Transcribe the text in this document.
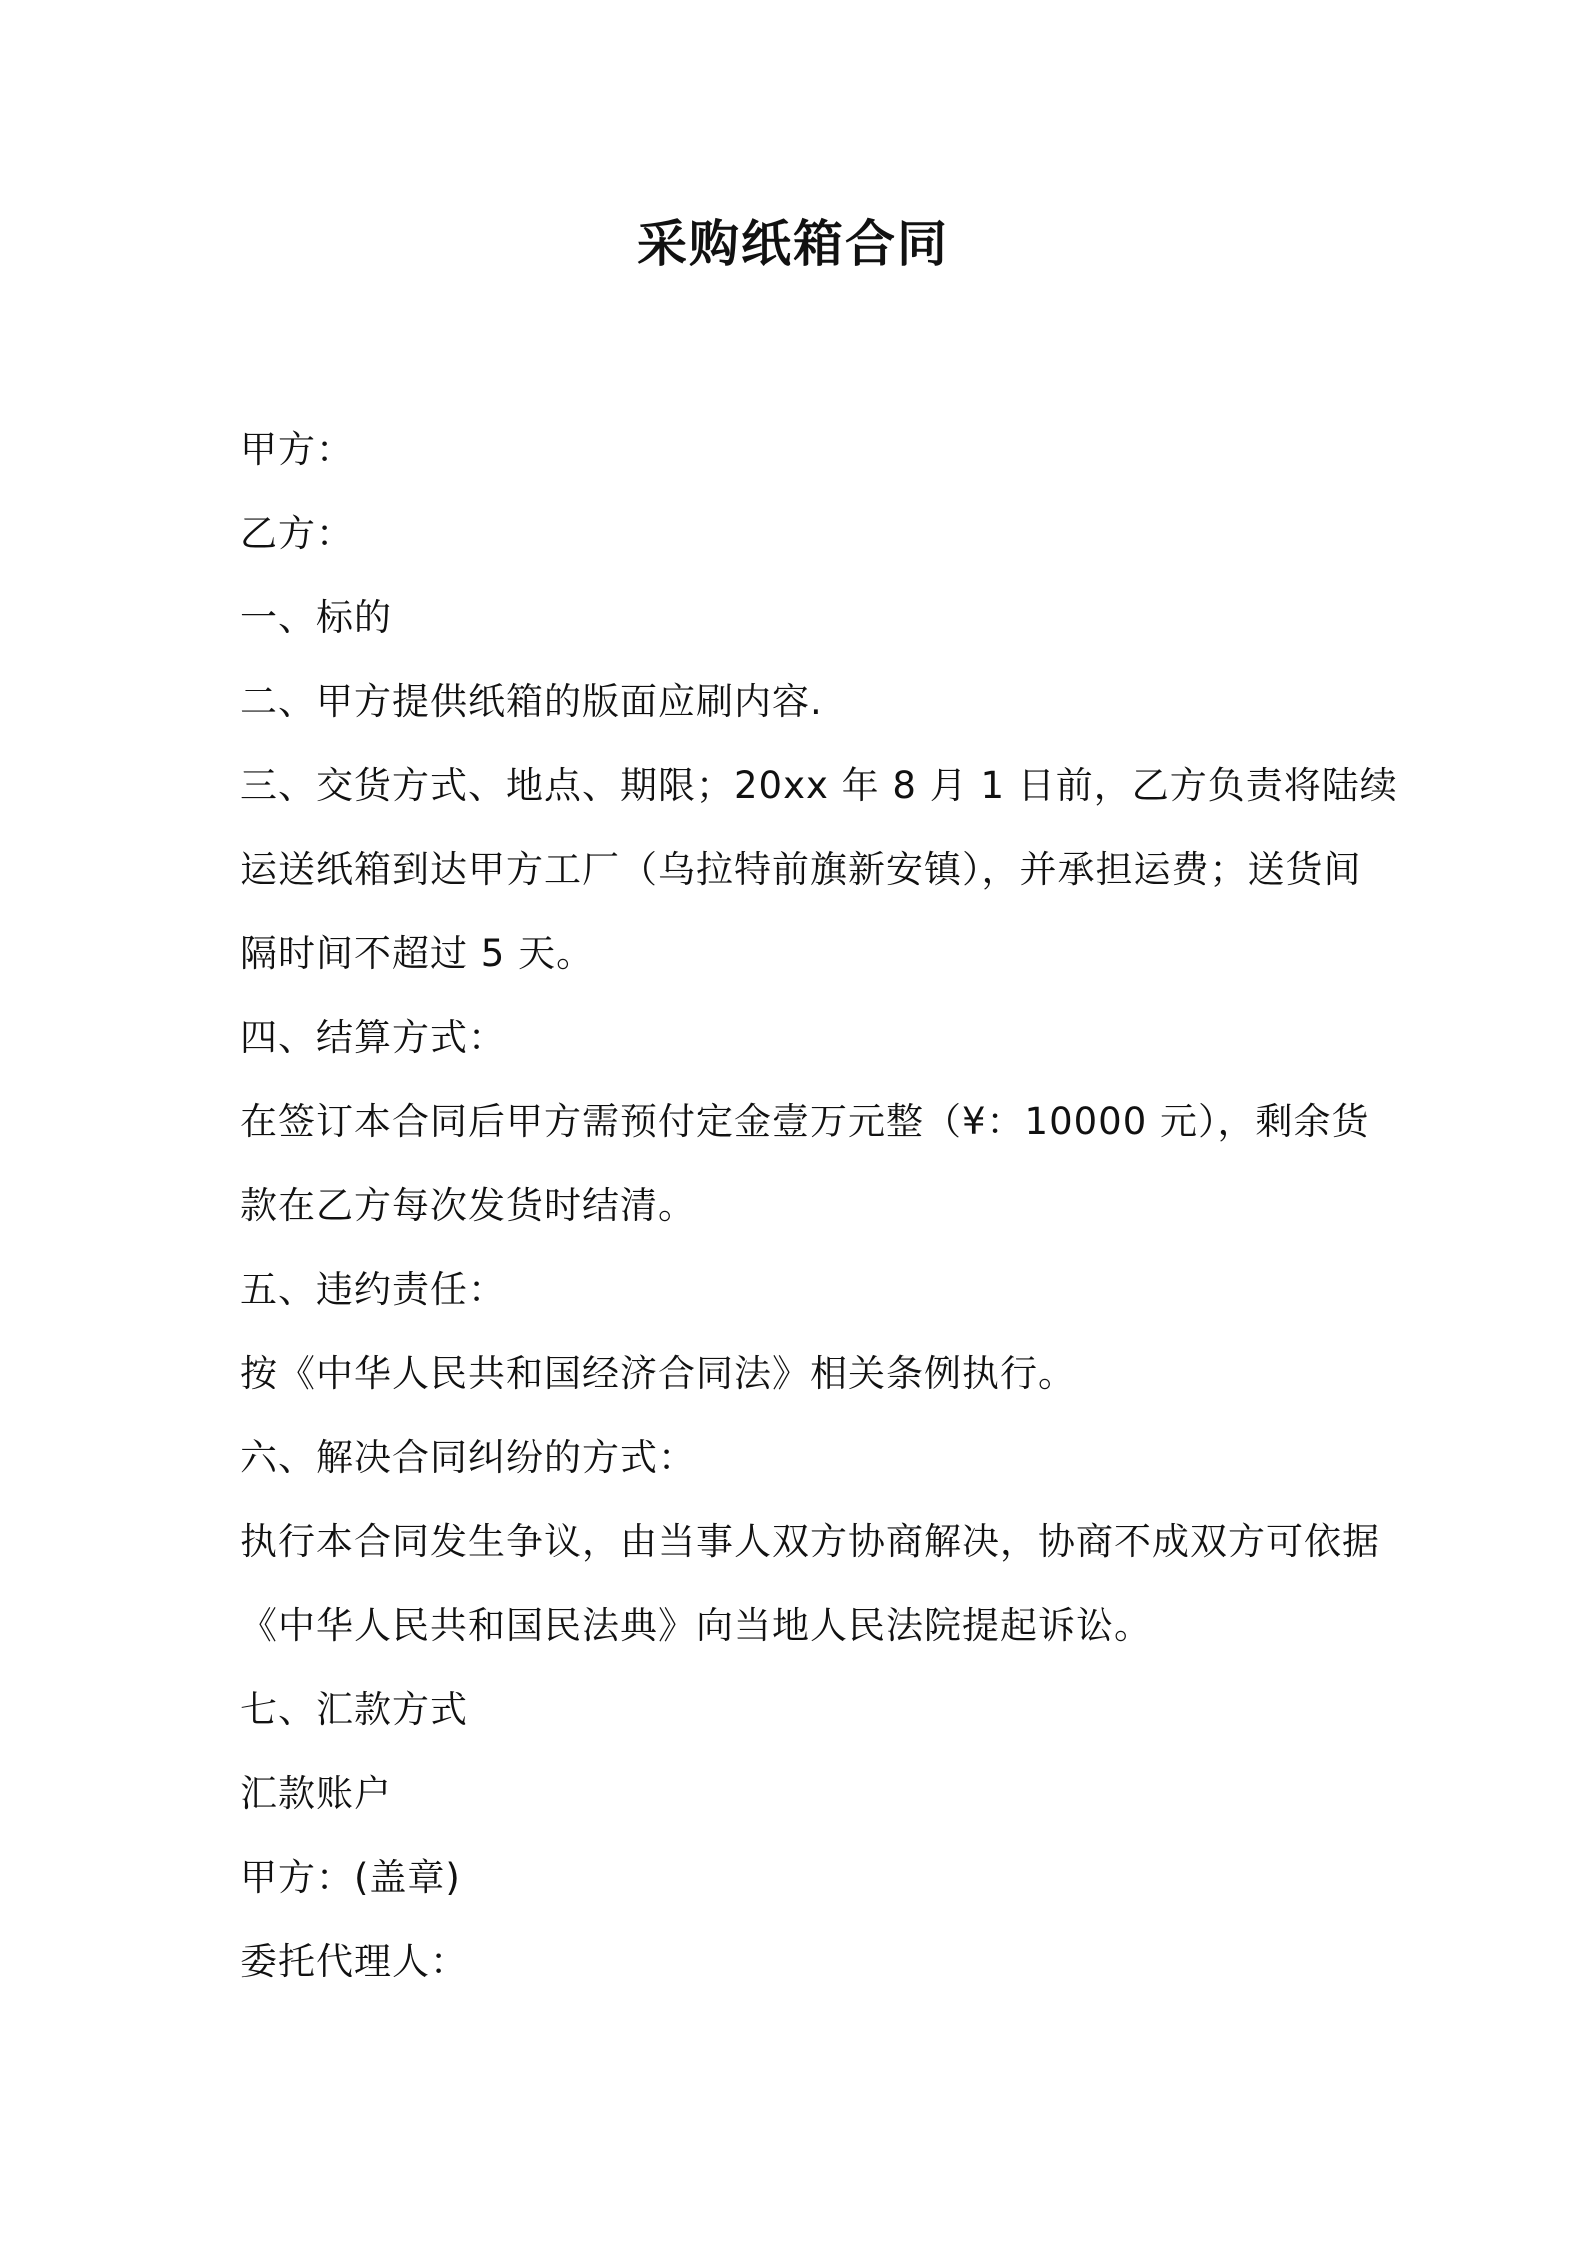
采购纸箱合同
甲方：
乙方：
一、标的
二、甲方提供纸箱的版面应刷内容.
三、交货方式、地点、期限；20xx 年 8 月 1 日前，乙方负责将陆续
运送纸箱到达甲方工厂（乌拉特前旗新安镇），并承担运费；送货间
隔时间不超过 5 天。
四、结算方式：
在签订本合同后甲方需预付定金壹万元整（¥：10000 元），剩余货
款在乙方每次发货时结清。
五、违约责任：
按《中华人民共和国经济合同法》相关条例执行。
六、解决合同纠纷的方式：
执行本合同发生争议，由当事人双方协商解决，协商不成双方可依据
《中华人民共和国民法典》向当地人民法院提起诉讼。
七、汇款方式
汇款账户
甲方：(盖章)
委托代理人：
